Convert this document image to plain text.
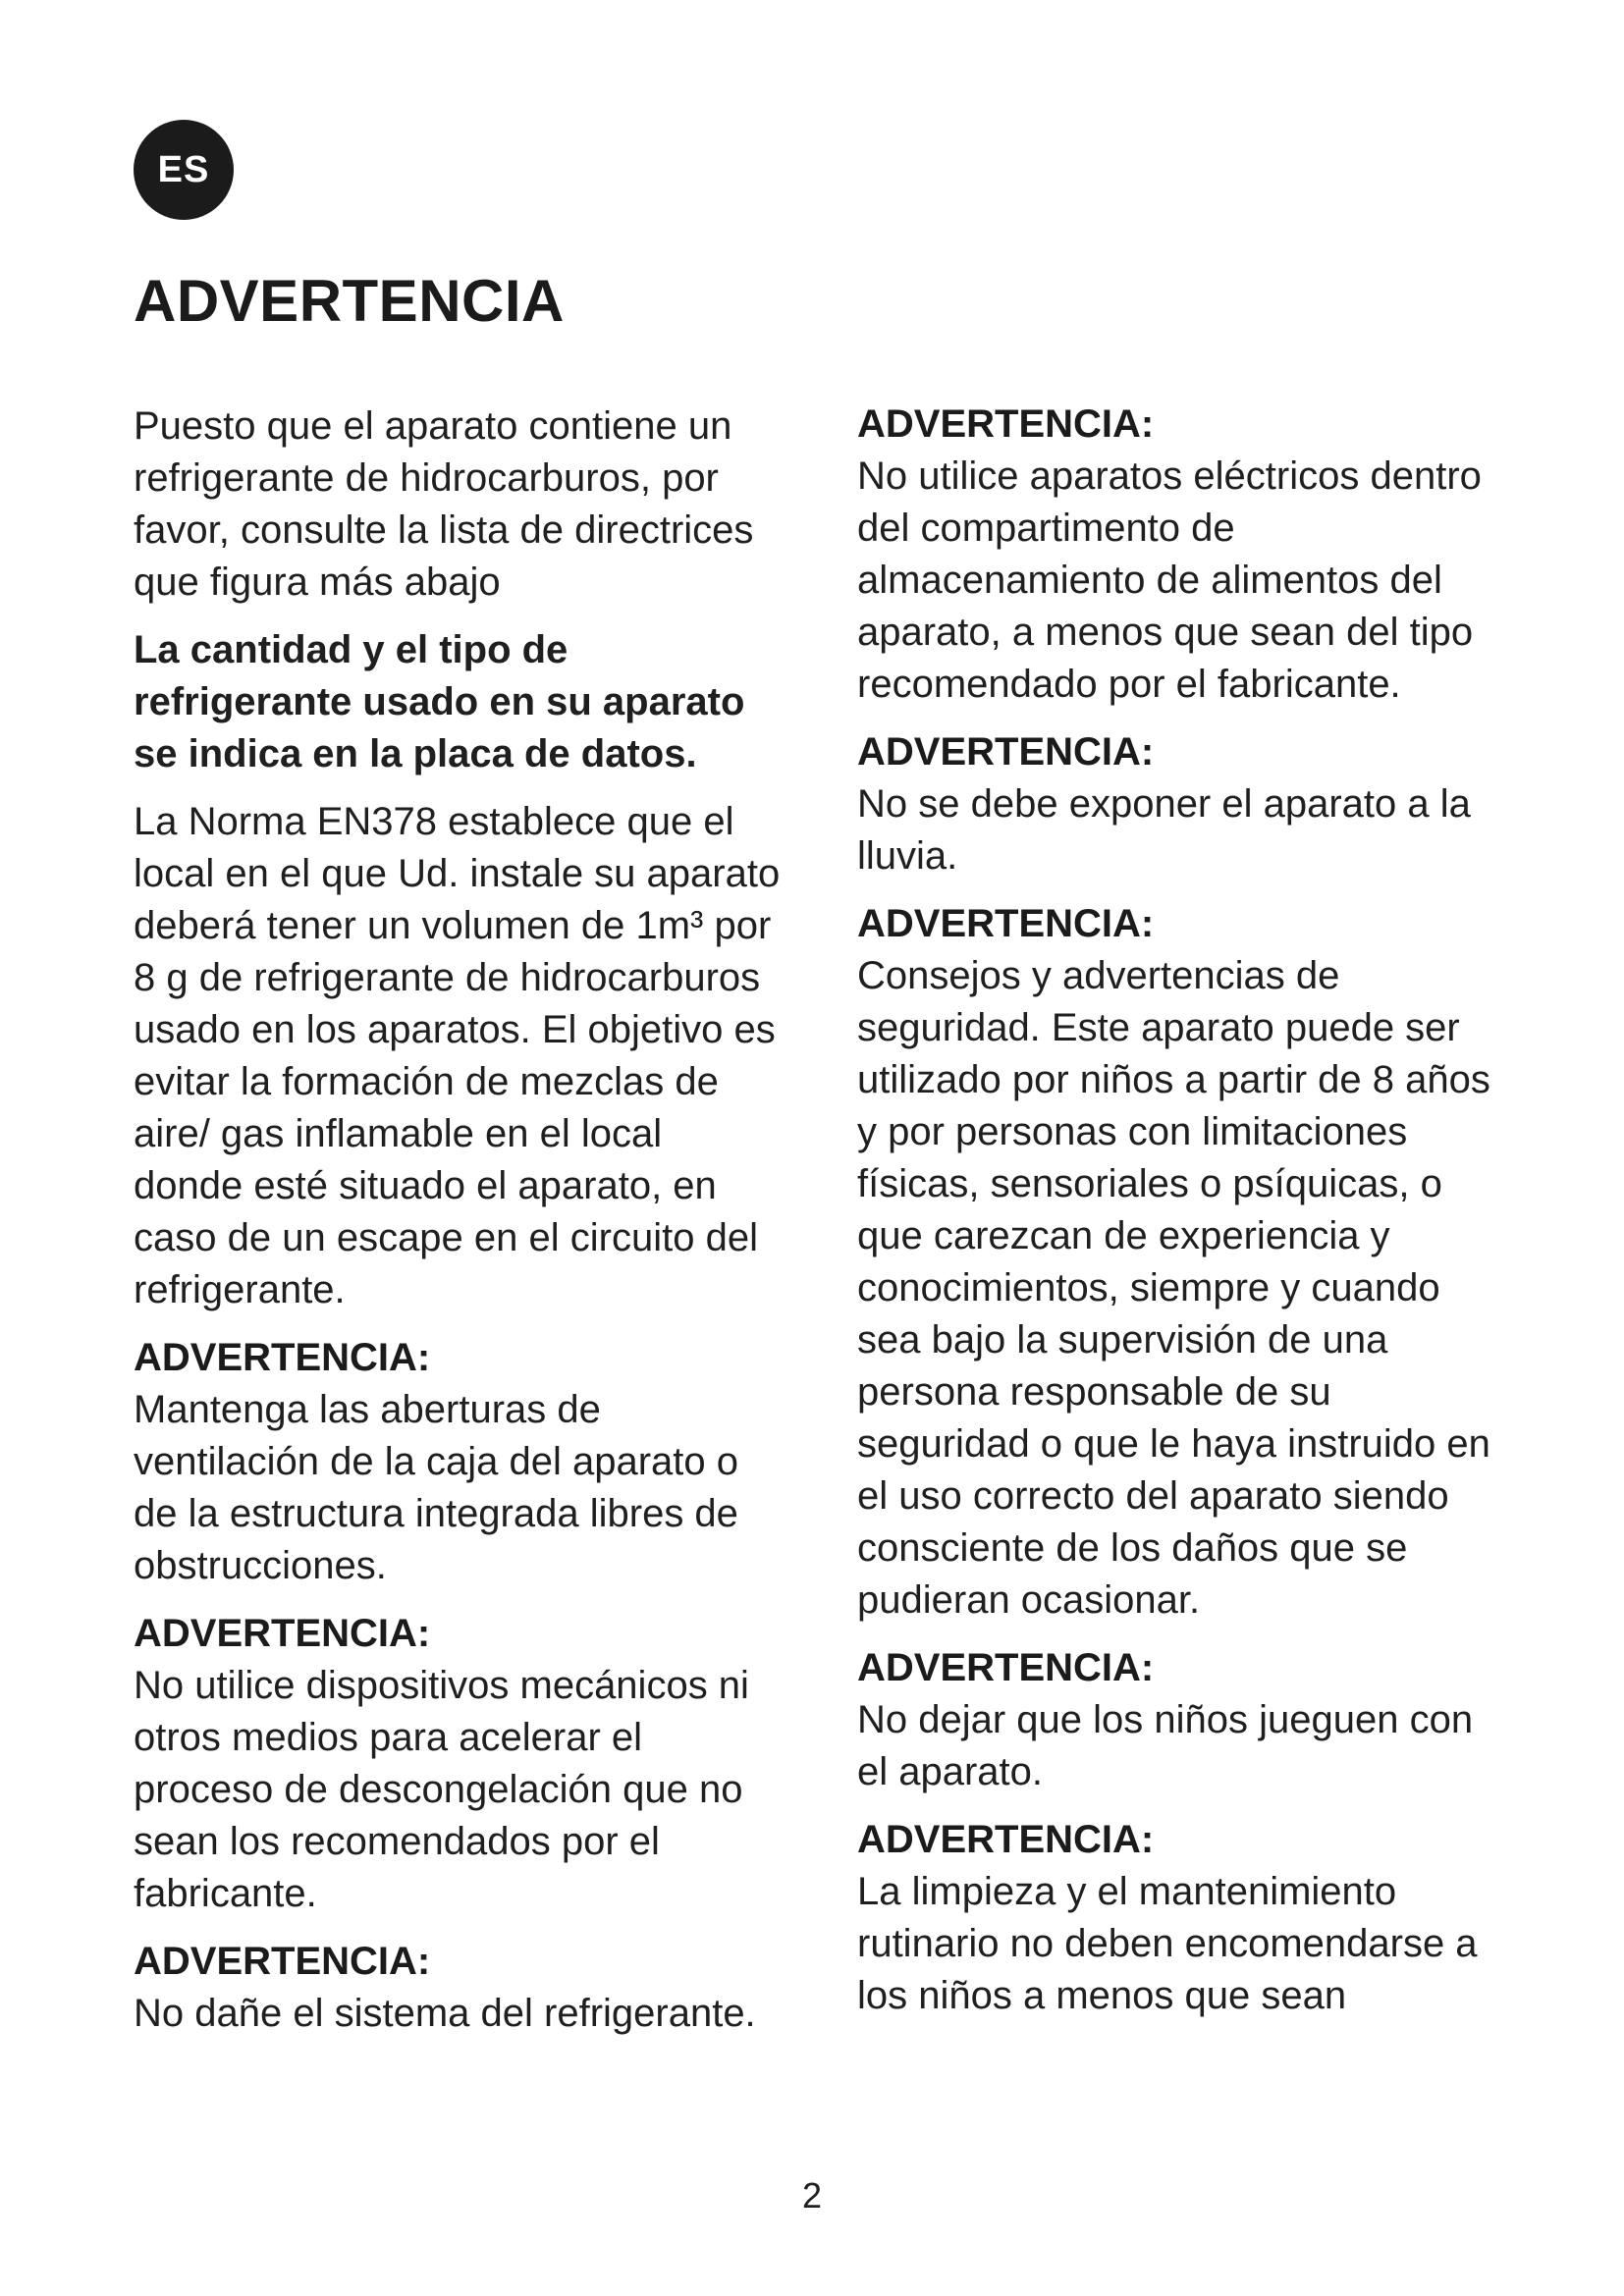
ES
ADVERTENCIA

Puesto que el aparato contiene un refrigerante de hidrocarburos, por favor, consulte la lista de directrices que figura más abajo

La cantidad y el tipo de refrigerante usado en su aparato se indica en la placa de datos.

La Norma EN378 establece que el local en el que Ud. instale su aparato deberá tener un volumen de 1m³ por 8 g de refrigerante de hidrocarburos usado en los aparatos. El objetivo es evitar la formación de mezclas de aire/ gas inflamable en el local donde esté situado el aparato, en caso de un escape en el circuito del refrigerante.

ADVERTENCIA:
Mantenga las aberturas de ventilación de la caja del aparato o de la estructura integrada libres de obstrucciones.
ADVERTENCIA:
No utilice dispositivos mecánicos ni otros medios para acelerar el proceso de descongelación que no sean los recomendados por el fabricante.
ADVERTENCIA:
No dañe el sistema del refrigerante.
ADVERTENCIA:
No utilice aparatos eléctricos dentro del compartimento de almacenamiento de alimentos del aparato, a menos que sean del tipo recomendado por el fabricante.
ADVERTENCIA:
No se debe exponer el aparato a la lluvia.
ADVERTENCIA:
Consejos y advertencias de seguridad. Este aparato puede ser utilizado por niños a partir de 8 años y por personas con limitaciones físicas, sensoriales o psíquicas, o que carezcan de experiencia y conocimientos, siempre y cuando sea bajo la supervisión de una persona responsable de su seguridad o que le haya instruido en el uso correcto del aparato siendo consciente de los daños que se pudieran ocasionar.
ADVERTENCIA:
No dejar que los niños jueguen con el aparato.
ADVERTENCIA:
La limpieza y el mantenimiento rutinario no deben encomendarse a los niños a menos que sean
2
